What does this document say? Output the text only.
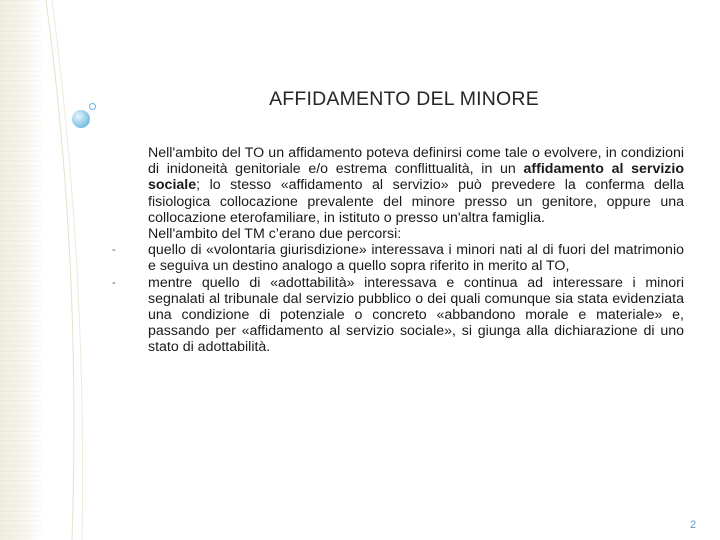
AFFIDAMENTO DEL MINORE

Nell'ambito del TO un affidamento poteva definirsi come tale o evolvere, in condizioni di inidoneità genitoriale e/o estrema conflittualità, in un affidamento al servizio sociale; lo stesso «affidamento al servizio» può prevedere la conferma della fisiologica collocazione prevalente del minore presso un genitore, oppure una collocazione eterofamiliare, in istituto o presso un'altra famiglia.

Nell'ambito del TM c’erano due percorsi:

- quello di «volontaria giurisdizione» interessava i minori nati al di fuori del matrimonio e seguiva un destino analogo a quello sopra riferito in merito al TO,

- mentre quello di «adottabilità» interessava e continua ad interessare i minori segnalati al tribunale dal servizio pubblico o dei quali comunque sia stata evidenziata una condizione di potenziale o concreto «abbandono morale e materiale» e, passando per «affidamento al servizio sociale», si giunga alla dichiarazione di uno stato di adottabilità.

2
